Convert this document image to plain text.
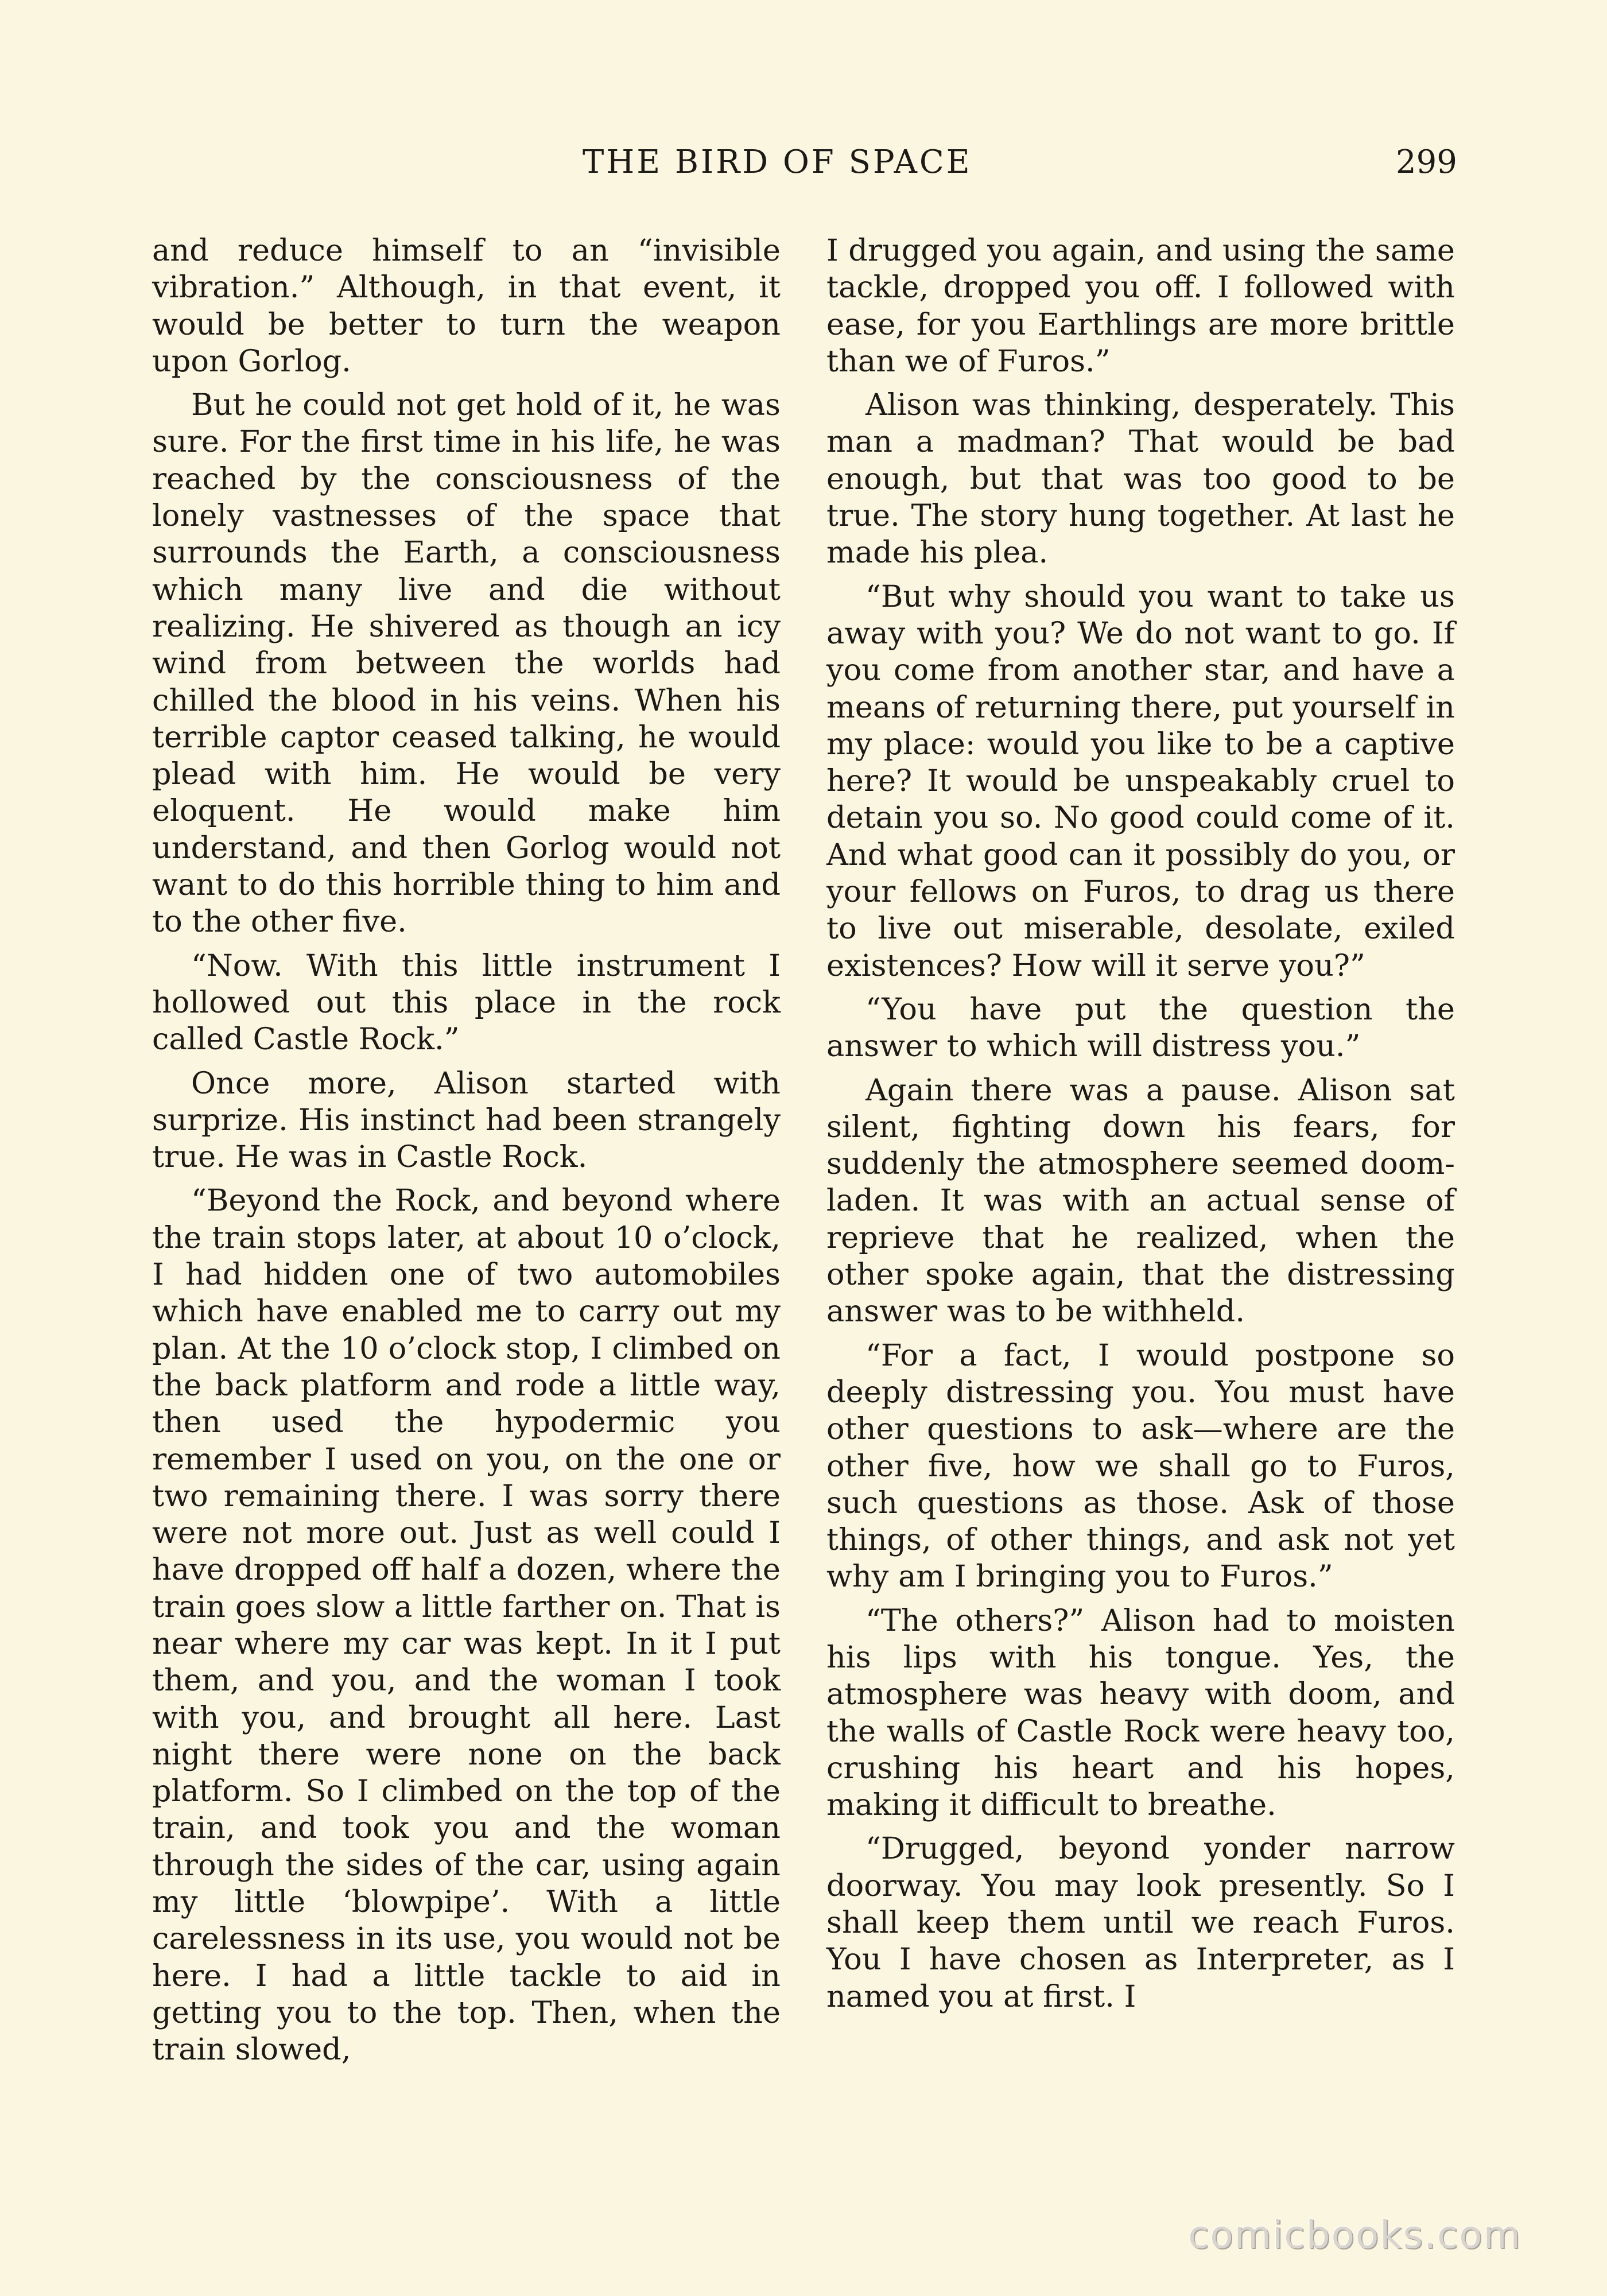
THE BIRD OF SPACE	299

and reduce himself to an “invisible vibration.” Although, in that event, it would be better to turn the weapon upon Gorlog.

But he could not get hold of it, he was sure. For the first time in his life, he was reached by the consciousness of the lonely vastnesses of the space that surrounds the Earth, a consciousness which many live and die without realizing. He shivered as though an icy wind from between the worlds had chilled the blood in his veins. When his terrible captor ceased talking, he would plead with him. He would be very eloquent. He would make him understand, and then Gorlog would not want to do this horrible thing to him and to the other five.

“Now. With this little instrument I hollowed out this place in the rock called Castle Rock.”

Once more, Alison started with surprize. His instinct had been strangely true. He was in Castle Rock.

“Beyond the Rock, and beyond where the train stops later, at about 10 o’clock, I had hidden one of two automobiles which have enabled me to carry out my plan. At the 10 o’clock stop, I climbed on the back platform and rode a little way, then used the hypodermic you remember I used on you, on the one or two remaining there. I was sorry there were not more out. Just as well could I have dropped off half a dozen, where the train goes slow a little farther on. That is near where my car was kept. In it I put them, and you, and the woman I took with you, and brought all here. Last night there were none on the back platform. So I climbed on the top of the train, and took you and the woman through the sides of the car, using again my little ‘blowpipe’. With a little carelessness in its use, you would not be here. I had a little tackle to aid in getting you to the top. Then, when the train slowed,

I drugged you again, and using the same tackle, dropped you off. I followed with ease, for you Earthlings are more brittle than we of Furos.”

Alison was thinking, desperately. This man a madman? That would be bad enough, but that was too good to be true. The story hung together. At last he made his plea.

“But why should you want to take us away with you? We do not want to go. If you come from another star, and have a means of returning there, put yourself in my place: would you like to be a captive here? It would be unspeakably cruel to detain you so. No good could come of it. And what good can it possibly do you, or your fellows on Furos, to drag us there to live out miserable, desolate, exiled existences? How will it serve you?”

“You have put the question the answer to which will distress you.”

Again there was a pause. Alison sat silent, fighting down his fears, for suddenly the atmosphere seemed doom-laden. It was with an actual sense of reprieve that he realized, when the other spoke again, that the distressing answer was to be withheld.

“For a fact, I would postpone so deeply distressing you. You must have other questions to ask—where are the other five, how we shall go to Furos, such questions as those. Ask of those things, of other things, and ask not yet why am I bringing you to Furos.”

“The others?” Alison had to moisten his lips with his tongue. Yes, the atmosphere was heavy with doom, and the walls of Castle Rock were heavy too, crushing his heart and his hopes, making it difficult to breathe.

“Drugged, beyond yonder narrow doorway. You may look presently. So I shall keep them until we reach Furos. You I have chosen as Interpreter, as I named you at first. I

comicbooks.com
